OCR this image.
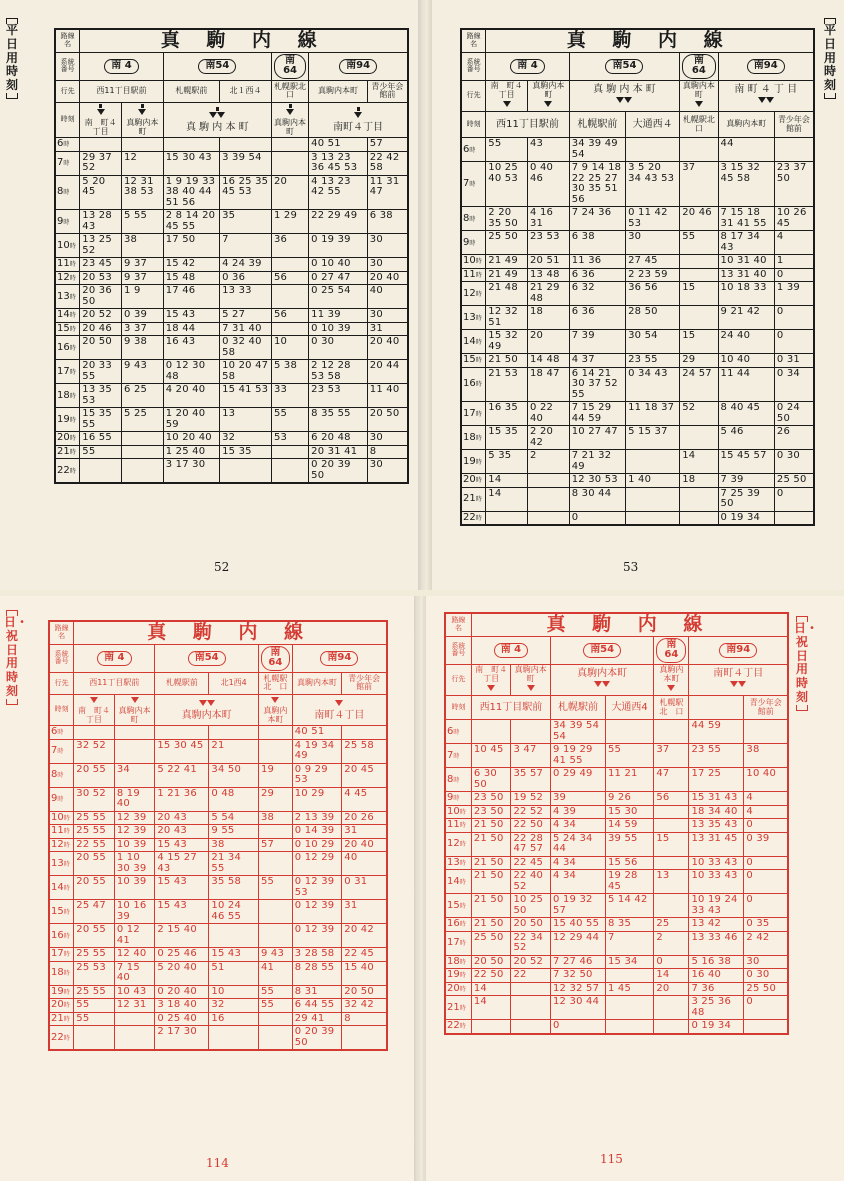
平日用時刻
路線名	真 駒 内 線						
系統番号	南 4		南54		南64	南94	
行先	西11丁目駅前		札幌駅前	北１西４	札幌駅北　口	真駒内本町	青少年会館前
時刻	南　町４丁目	真駒内本　町	真 駒 内 本 町		真駒内本町	南町４丁目	

6時						40 51	57
7時	29 37 52	12	15 30 43	3 39 54		3 13 23 36 45 53	22 42 58
8時	5 20 45	12 31 38 53	1 9 19 33 38 40 44 51 56	16 25 35 45 53	20	4 13 23 42 55	11 31 47
9時	13 28 43	5 55	2 8 14 20 45 55	35	1 29	22 29 49	6 38
10時	13 25 52	38	17 50	7	36	0 19 39	30
11時	23 45	9 37	15 42	4 24 39		0 10 40	30
12時	20 53	9 37	15 48	0 36	56	0 27 47	20 40
13時	20 36 50	1 9	17 46	13 33		0 25 54	40
14時	20 52	0 39	15 43	5 27	56	11 39	30
15時	20 46	3 37	18 44	7 31 40		0 10 39	31
16時	20 50	9 38	16 43	0 32 40 58	10	0 30	20 40
17時	20 33 55	9 43	0 12 30 48	10 20 47 58	5 38	2 12 28 53 58	20 44
18時	13 35 53	6 25	4 20 40	15 41 53	33	23 53	11 40
19時	15 35 55	5 25	1 20 40 59	13	55	8 35 55	20 50
20時	16 55		10 20 40	32	53	6 20 48	30
21時	55		1 25 40	15 35		20 31 41	8
22時			3 17 30			0 20 39 50	30
52
平日用時刻
路線名	真 駒 内 線						
系統番号	南 4		南54		南64	南94	
行先	南　町４丁目	真駒内本　町	真 駒 内 本 町		真駒内本町	南 町 ４ 丁 目	

時刻	西11丁目駅前		札幌駅前	大通西４	札幌駅北　口	真駒内本町	青少年会館前
6時	55	43	34 39 49 54			44	
7時	10 25 40 53	0 40 46	7 9 14 18 22 25 27 30 35 51 56	3 5 20 34 43 53	37	3 15 32 45 58	23 37 50
8時	2 20 35 50	4 16 31	7 24 36	0 11 42 53	20 46	7 15 18 31 41 55	10 26 45
9時	25 50	23 53	6 38	30	55	8 17 34 43	4
10時	21 49	20 51	11 36	27 45		10 31 40	1
11時	21 49	13 48	6 36	2 23 59		13 31 40	0
12時	21 48	21 29 48	6 32	36 56	15	10 18 33	1 39
13時	12 32 51	18	6 36	28 50		9 21 42	0
14時	15 32 49	20	7 39	30 54	15	24 40	0
15時	21 50	14 48	4 37	23 55	29	10 40	0 31
16時	21 53	18 47	6 14 21 30 37 52 55	0 34 43	24 57	11 44	0 34
17時	16 35	0 22 40	7 15 29 44 59	11 18 37	52	8 40 45	0 24 50
18時	15 35	2 20 42	10 27 47	5 15 37		5 46	26
19時	5 35	2	7 21 32 49		14	15 45 57	0 30
20時	14		12 30 53	1 40	18	7 39	25 50
21時	14		8 30 44			7 25 39 50	0
22時			0			0 19 34	
53
日・祝日用時刻
路線名	真 駒 内 線						
系統番号	南 4		南54		南64	南94	
行先	西11丁目駅前		札幌駅前	北1西4	札幌駅北　口	真駒内本町	青少年会館前
時刻	南　町４丁目	真駒内本　町	真駒内本町		真駒内本町	南町４丁目	

6時						40 51	
7時	32 52		15 30 45	21		4 19 34 49	25 58
8時	20 55	34	5 22 41	34 50	19	0 9 29 53	20 45
9時	30 52	8 19 40	1 21 36	0 48	29	10 29	4 45
10時	25 55	12 39	20 43	5 54	38	2 13 39	20 26
11時	25 55	12 39	20 43	9 55		0 14 39	31
12時	22 55	10 39	15 43	38	57	0 10 29	20 40
13時	20 55	1 10 30 39	4 15 27 43	21 34 55		0 12 29	40
14時	20 55	10 39	15 43	35 58	55	0 12 39 53	0 31
15時	25 47	10 16 39	15 43	10 24 46 55		0 12 39	31
16時	20 55	0 12 41	2 15 40			0 12 39	20 42
17時	25 55	12 40	0 25 46	15 43	9 43	3 28 58	22 45
18時	25 53	7 15 40	5 20 40	51	41	8 28 55	15 40
19時	25 55	10 43	0 20 40	10	55	8 31	20 50
20時	55	12 31	3 18 40	32	55	6 44 55	32 42
21時	55		0 25 40	16		29 41	8
22時			2 17 30			0 20 39 50	
114
日・祝日用時刻
路線名	真 駒 内 線						
系統番号	南 4		南54		南64	南94	
行先	南　町４丁目	真駒内本　町	真駒内本町		真駒内本町	南町４丁目	

時刻	西11丁目駅前		札幌駅前	大通西4	札幌駅北　口		青少年会館前
6時			34 39 54 54			44 59	
7時	10 45	3 47	9 19 29 41 55	55	37	23 55	38
8時	6 30 50	35 57	0 29 49	11 21	47	17 25	10 40
9時	23 50	19 52	39	9 26	56	15 31 43	4
10時	23 50	22 52	4 39	15 30		18 34 40	4
11時	21 50	22 50	4 34	14 59		13 35 43	0
12時	21 50	22 28 47 57	5 24 34 44	39 55	15	13 31 45	0 39
13時	21 50	22 45	4 34	15 56		10 33 43	0
14時	21 50	22 40 52	4 34	19 28 45	13	10 33 43	0
15時	21 50	10 25 50	0 19 32 57	5 14 42		10 19 24 33 43	0
16時	21 50	20 50	15 40 55	8 35	25	13 42	0 35
17時	25 50	22 34 52	12 29 44	7	2	13 33 46	2 42
18時	20 50	20 52	7 27 46	15 34	0	5 16 38	30
19時	22 50	22	7 32 50		14	16 40	0 30
20時	14		12 32 57	1 45	20	7 36	25 50
21時	14		12 30 44			3 25 36 48	0
22時			0			0 19 34	
115
